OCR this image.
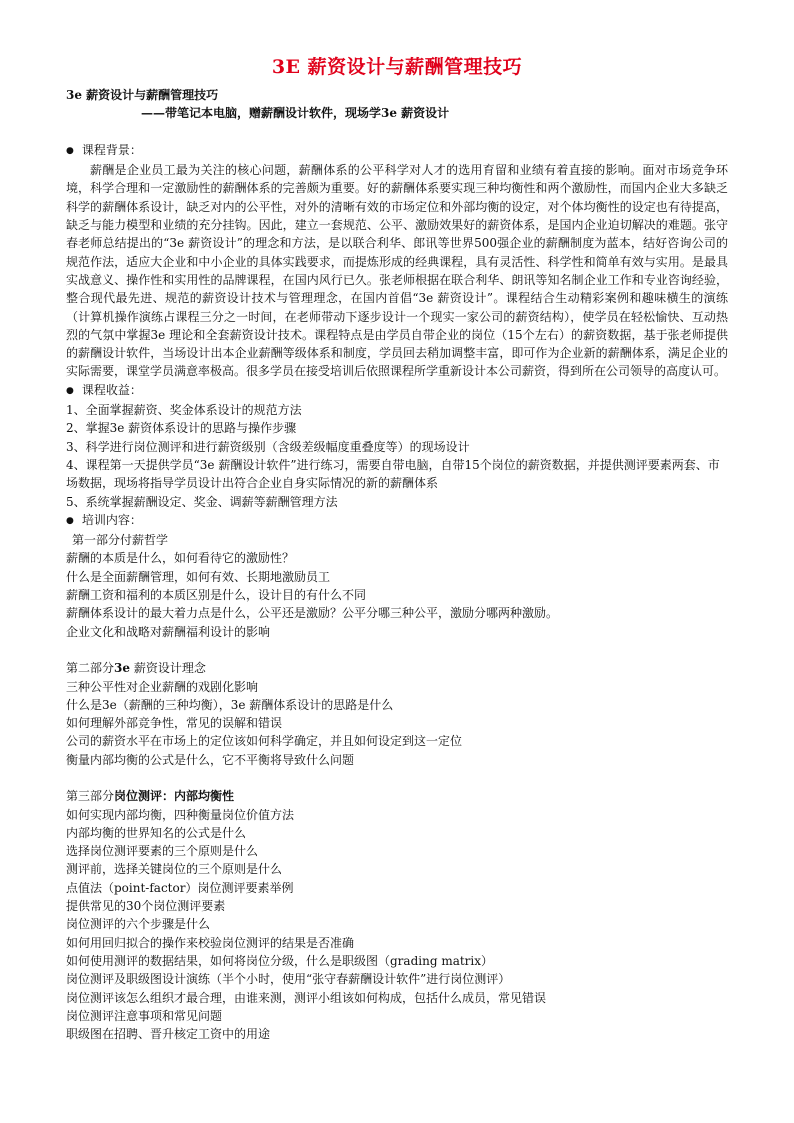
3E 薪资设计与薪酬管理技巧
3e 薪资设计与薪酬管理技巧
——带笔记本电脑，赠薪酬设计软件，现场学3e 薪资设计
● 课程背景：

薪酬是企业员工最为关注的核心问题，薪酬体系的公平科学对人才的选用育留和业绩有着直接的影响。面对市场竞争环境，科学合理和一定激励性的薪酬体系的完善颇为重要。好的薪酬体系要实现三种均衡性和两个激励性，而国内企业大多缺乏科学的薪酬体系设计，缺乏对内的公平性，对外的清晰有效的市场定位和外部均衡的设定，对个体均衡性的设定也有待提高，缺乏与能力模型和业绩的充分挂钩。因此，建立一套规范、公平、激励效果好的薪资体系，是国内企业迫切解决的难题。张守春老师总结提出的“3e 薪资设计”的理念和方法，是以联合利华、郎讯等世界500强企业的薪酬制度为蓝本，结好咨询公司的规范作法，适应大企业和中小企业的具体实践要求，而提炼形成的经典课程，具有灵活性、科学性和简单有效与实用。是最具实战意义、操作性和实用性的品牌课程，在国内风行已久。张老师根据在联合利华、朗讯等知名制企业工作和专业咨询经验，整合现代最先进、规范的薪资设计技术与管理理念，在国内首倡“3e 薪资设计”。课程结合生动精彩案例和趣味横生的演练（计算机操作演练占课程三分之一时间，在老师带动下逐步设计一个现实一家公司的薪资结构），使学员在轻松愉快、互动热烈的气氛中掌握3e 理论和全套薪资设计技术。课程特点是由学员自带企业的岗位（15个左右）的薪资数据，基于张老师提供的薪酬设计软件，当场设计出本企业薪酬等级体系和制度，学员回去稍加调整丰富，即可作为企业新的薪酬体系，满足企业的实际需要，课堂学员满意率极高。很多学员在接受培训后依照课程所学重新设计本公司薪资，得到所在公司领导的高度认可。

● 课程收益：
1、全面掌握薪资、奖金体系设计的规范方法
2、掌握3e 薪资体系设计的思路与操作步骤
3、科学进行岗位测评和进行薪资级别（含级差级幅度重叠度等）的现场设计
4、课程第一天提供学员“3e 薪酬设计软件”进行练习，需要自带电脑，自带15个岗位的薪资数据，并提供测评要素两套、市场数据，现场将指导学员设计出符合企业自身实际情况的新的薪酬体系
5、系统掌握薪酬设定、奖金、调薪等薪酬管理方法
● 培训内容：
第一部分付薪哲学
薪酬的本质是什么，如何看待它的激励性？
什么是全面薪酬管理，如何有效、长期地激励员工
薪酬工资和福利的本质区别是什么，设计目的有什么不同
薪酬体系设计的最大着力点是什么，公平还是激励？公平分哪三种公平，激励分哪两种激励。
企业文化和战略对薪酬福利设计的影响
第二部分3e 薪资设计理念
三种公平性对企业薪酬的戏剧化影响
什么是3e（薪酬的三种均衡），3e 薪酬体系设计的思路是什么
如何理解外部竞争性，常见的误解和错误
公司的薪资水平在市场上的定位该如何科学确定，并且如何设定到这一定位
衡量内部均衡的公式是什么，它不平衡将导致什么问题
第三部分岗位测评：内部均衡性
如何实现内部均衡，四种衡量岗位价值方法
内部均衡的世界知名的公式是什么
选择岗位测评要素的三个原则是什么
测评前，选择关键岗位的三个原则是什么
点值法（point-factor）岗位测评要素举例
提供常见的30个岗位测评要素
岗位测评的六个步骤是什么
如何用回归拟合的操作来校验岗位测评的结果是否准确
如何使用测评的数据结果，如何将岗位分级，什么是职级图（grading matrix）
岗位测评及职级图设计演练（半个小时，使用“张守春薪酬设计软件”进行岗位测评）
岗位测评该怎么组织才最合理，由谁来测，测评小组该如何构成，包括什么成员，常见错误
岗位测评注意事项和常见问题
职级图在招聘、晋升核定工资中的用途
